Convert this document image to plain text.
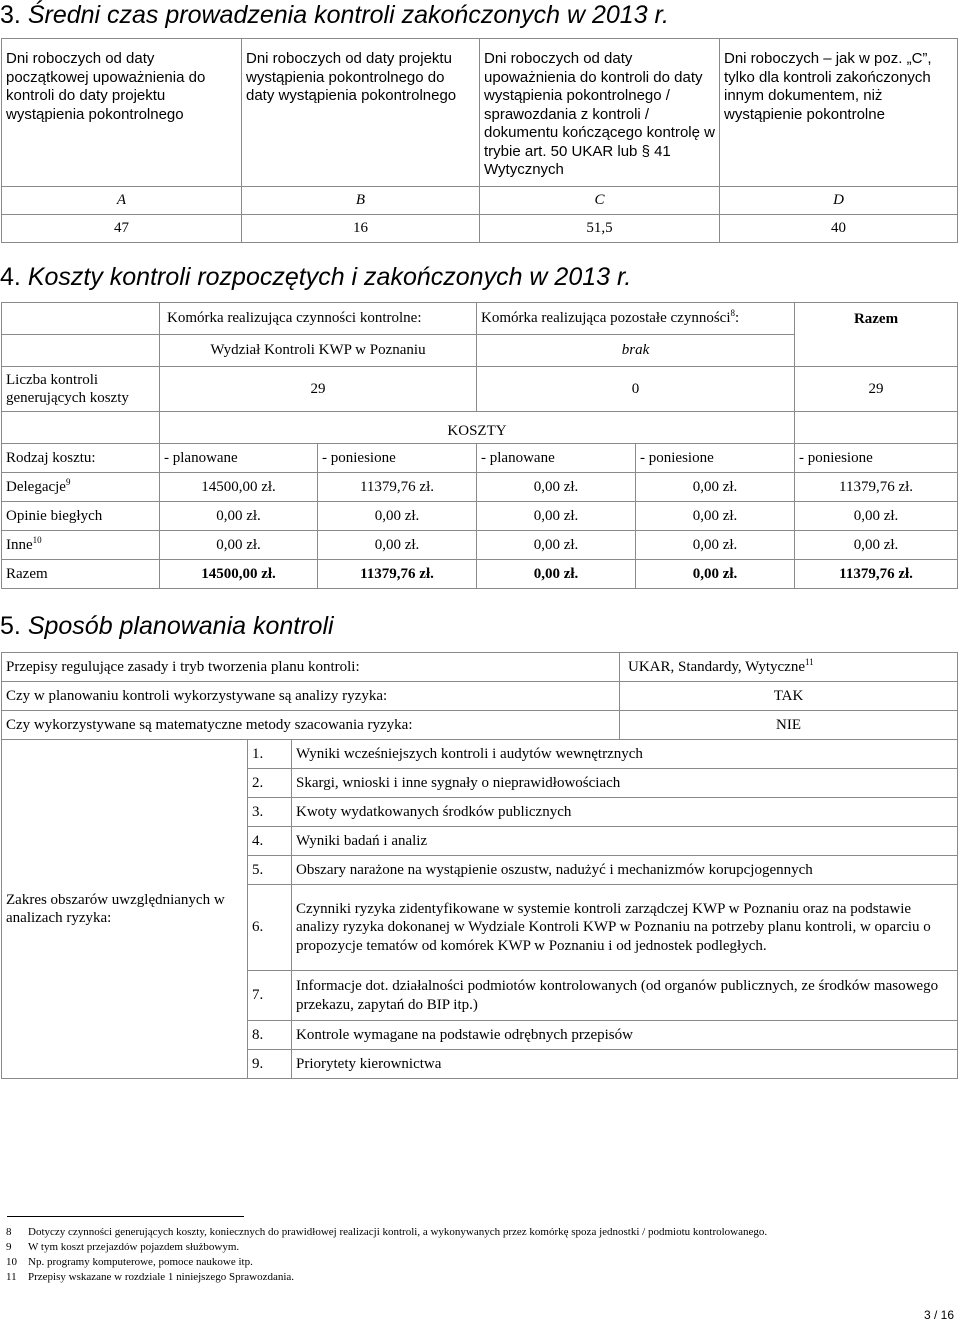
3. Średni czas prowadzenia kontroli zakończonych w 2013 r.
Dni roboczych od daty początkowej upoważnienia do kontroli do daty projektu wystąpienia pokontrolnego	Dni roboczych od daty projektu wystąpienia pokontrolnego do daty wystąpienia pokontrolnego	Dni roboczych od daty upoważnienia do kontroli do daty wystąpienia pokontrolnego / sprawozdania z kontroli / dokumentu kończącego kontrolę w trybie art. 50 UKAR lub § 41 Wytycznych	Dni roboczych – jak w poz. „C”, tylko dla kontroli zakończonych innym dokumentem, niż wystąpienie pokontrolne
A	B	C	D
47	16	51,5	40
4. Koszty kontroli rozpoczętych i zakończonych w 2013 r.
	Komórka realizująca czynności kontrolne:		Komórka realizująca pozostałe czynności$^8$:		Razem
	Wydział Kontroli KWP w Poznaniu		brak		
Liczba kontroli generujących koszty	29		0		29
	KOSZTY				
Rodzaj kosztu:	- planowane	- poniesione	- planowane	- poniesione	- poniesione
Delegacje$^9$	14500,00 zł.	11379,76 zł.	0,00 zł.	0,00 zł.	11379,76 zł.
Opinie biegłych	0,00 zł.	0,00 zł.	0,00 zł.	0,00 zł.	0,00 zł.
Inne$^{10}$	0,00 zł.	0,00 zł.	0,00 zł.	0,00 zł.	0,00 zł.
Razem	14500,00 zł.	11379,76 zł.	0,00 zł.	0,00 zł.	11379,76 zł.
5. Sposób planowania kontroli
Przepisy regulujące zasady i tryb tworzenia planu kontroli:			UKAR, Standardy, Wytyczne$^{11}$
Czy w planowaniu kontroli wykorzystywane są analizy ryzyka:			TAK
Czy wykorzystywane są matematyczne metody szacowania ryzyka:			NIE
Zakres obszarów uwzględnianych w analizach ryzyka:	1.	Wyniki wcześniejszych kontroli i audytów wewnętrznych	
	2.	Skargi, wnioski i inne sygnały o nieprawidłowościach	
	3.	Kwoty wydatkowanych środków publicznych	
	4.	Wyniki badań i analiz	
	5.	Obszary narażone na wystąpienie oszustw, nadużyć i mechanizmów korupcjogennych	
	6.	Czynniki ryzyka zidentyfikowane w systemie kontroli zarządczej KWP w Poznaniu oraz na podstawie analizy ryzyka dokonanej w Wydziale Kontroli KWP w Poznaniu na potrzeby planu kontroli, w oparciu o propozycje tematów od komórek KWP w Poznaniu i od jednostek podległych.	
	7.	Informacje dot. działalności podmiotów kontrolowanych (od organów publicznych, ze środków masowego przekazu, zapytań do BIP itp.)	
	8.	Kontrole wymagane na podstawie odrębnych przepisów	
	9.	Priorytety kierownictwa	
8 Dotyczy czynności generujących koszty, koniecznych do prawidłowej realizacji kontroli, a wykonywanych przez komórkę spoza jednostki / podmiotu kontrolowanego.
9 W tym koszt przejazdów pojazdem służbowym.
10 Np. programy komputerowe, pomoce naukowe itp.
11 Przepisy wskazane w rozdziale 1 niniejszego Sprawozdania.
3 / 16
